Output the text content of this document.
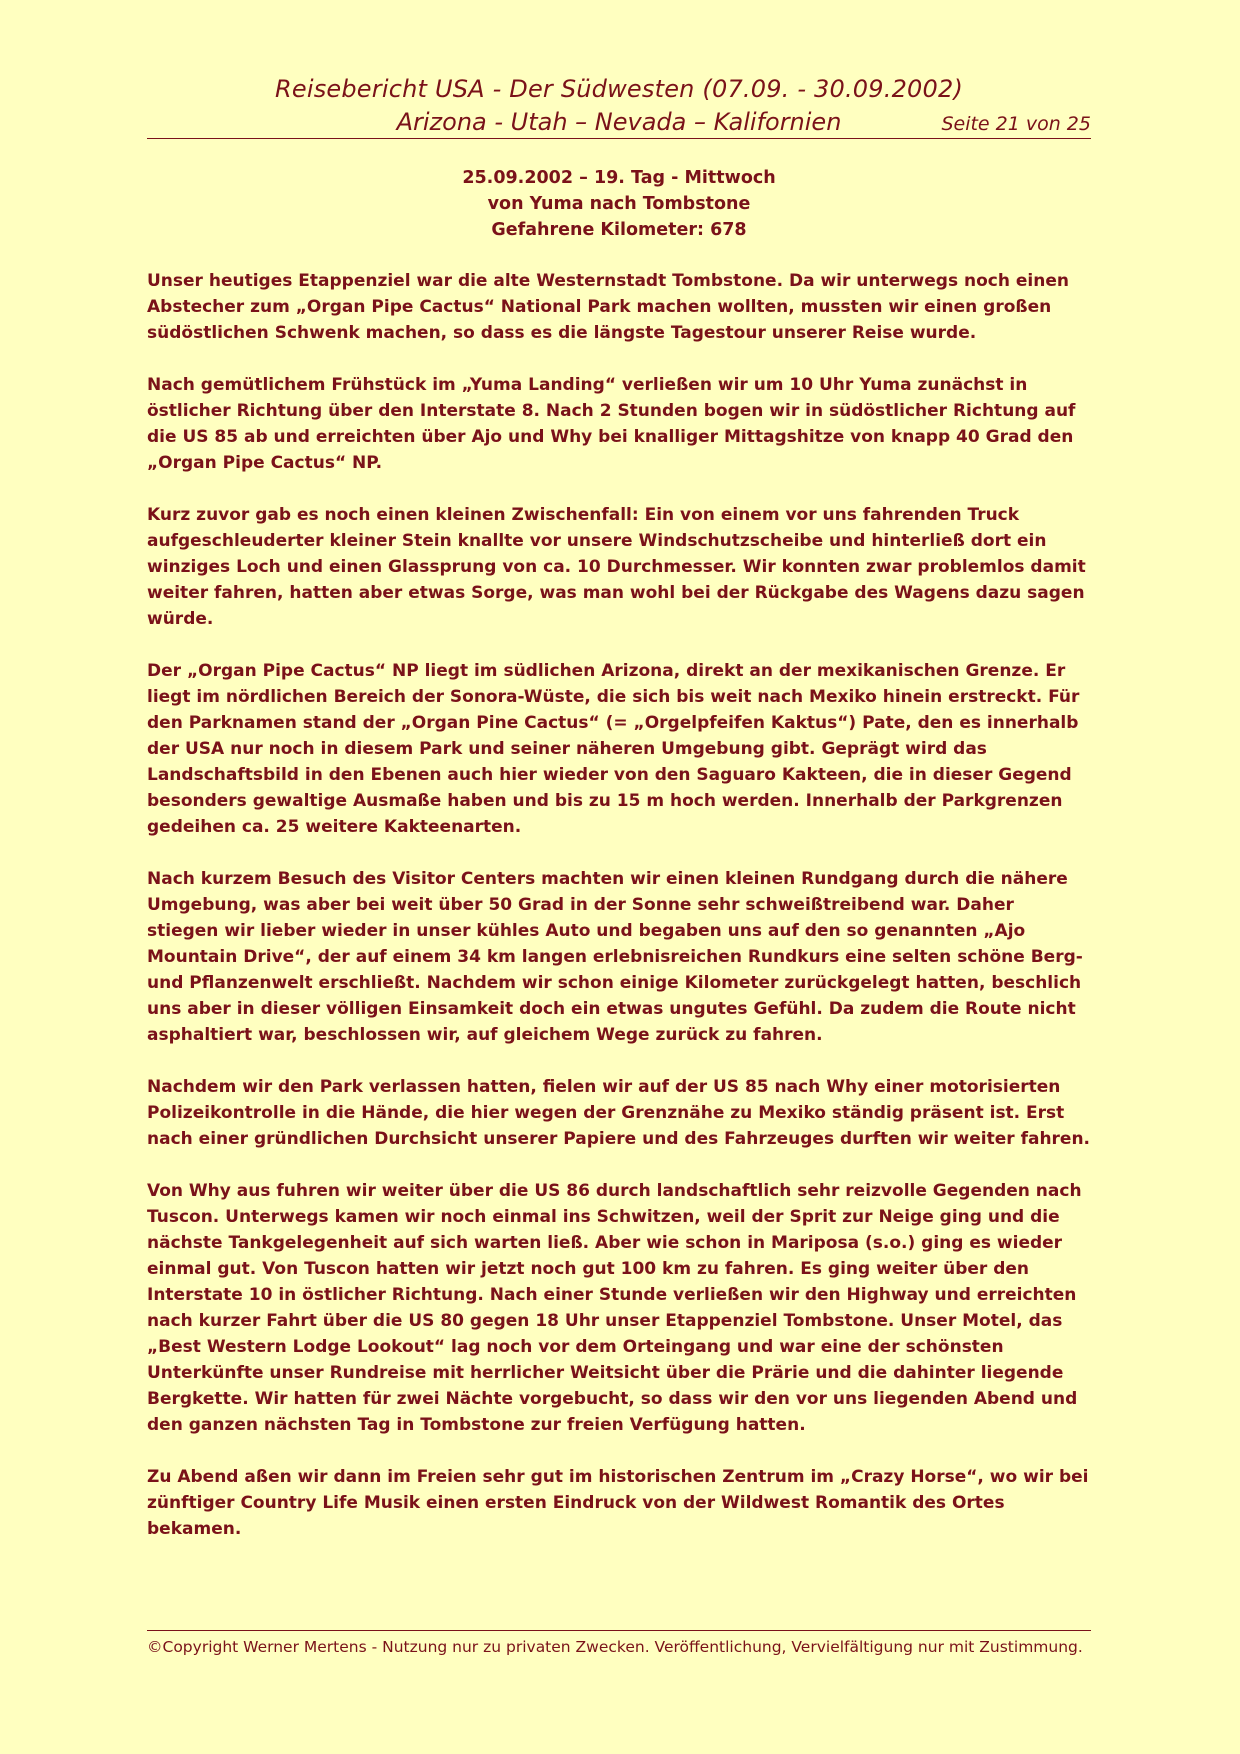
Reisebericht USA - Der Südwesten (07.09. - 30.09.2002)
Arizona - Utah – Nevada – Kalifornien	Seite 21 von 25
25.09.2002 – 19. Tag - Mittwoch
von Yuma nach Tombstone
Gefahrene Kilometer: 678

Unser heutiges Etappenziel war die alte Westernstadt Tombstone. Da wir unterwegs noch einen Abstecher zum „Organ Pipe Cactus“ National Park machen wollten, mussten wir einen großen südöstlichen Schwenk machen, so dass es die längste Tagestour unserer Reise wurde.

Nach gemütlichem Frühstück im „Yuma Landing“ verließen wir um 10 Uhr Yuma zunächst in östlicher Richtung über den Interstate 8. Nach 2 Stunden bogen wir in südöstlicher Richtung auf die US 85 ab und erreichten über Ajo und Why bei knalliger Mittagshitze von knapp 40 Grad den „Organ Pipe Cactus“ NP.

Kurz zuvor gab es noch einen kleinen Zwischenfall: Ein von einem vor uns fahrenden Truck aufgeschleuderter kleiner Stein knallte vor unsere Windschutzscheibe und hinterließ dort ein winziges Loch und einen Glassprung von ca. 10 Durchmesser. Wir konnten zwar problemlos damit weiter fahren, hatten aber etwas Sorge, was man wohl bei der Rückgabe des Wagens dazu sagen würde.

Der „Organ Pipe Cactus“ NP liegt im südlichen Arizona, direkt an der mexikanischen Grenze. Er liegt im nördlichen Bereich der Sonora-Wüste, die sich bis weit nach Mexiko hinein erstreckt. Für den Parknamen stand der „Organ Pine Cactus“ (= „Orgelpfeifen Kaktus“) Pate, den es innerhalb der USA nur noch in diesem Park und seiner näheren Umgebung gibt. Geprägt wird das Landschaftsbild in den Ebenen auch hier wieder von den Saguaro Kakteen, die in dieser Gegend besonders gewaltige Ausmaße haben und bis zu 15 m hoch werden. Innerhalb der Parkgrenzen gedeihen ca. 25 weitere Kakteenarten.

Nach kurzem Besuch des Visitor Centers machten wir einen kleinen Rundgang durch die nähere Umgebung, was aber bei weit über 50 Grad in der Sonne sehr schweißtreibend war. Daher stiegen wir lieber wieder in unser kühles Auto und begaben uns auf den so genannten „Ajo Mountain Drive“, der auf einem 34 km langen erlebnisreichen Rundkurs eine selten schöne Berg- und Pflanzenwelt erschließt. Nachdem wir schon einige Kilometer zurückgelegt hatten, beschlich uns aber in dieser völligen Einsamkeit doch ein etwas ungutes Gefühl. Da zudem die Route nicht asphaltiert war, beschlossen wir, auf gleichem Wege zurück zu fahren.

Nachdem wir den Park verlassen hatten, fielen wir auf der US 85 nach Why einer motorisierten Polizeikontrolle in die Hände, die hier wegen der Grenznähe zu Mexiko ständig präsent ist. Erst nach einer gründlichen Durchsicht unserer Papiere und des Fahrzeuges durften wir weiter fahren.

Von Why aus fuhren wir weiter über die US 86 durch landschaftlich sehr reizvolle Gegenden nach Tuscon. Unterwegs kamen wir noch einmal ins Schwitzen, weil der Sprit zur Neige ging und die nächste Tankgelegenheit auf sich warten ließ. Aber wie schon in Mariposa (s.o.) ging es wieder einmal gut. Von Tuscon hatten wir jetzt noch gut 100 km zu fahren. Es ging weiter über den Interstate 10 in östlicher Richtung. Nach einer Stunde verließen wir den Highway und erreichten nach kurzer Fahrt über die US 80 gegen 18 Uhr unser Etappenziel Tombstone. Unser Motel, das „Best Western Lodge Lookout“ lag noch vor dem Orteingang und war eine der schönsten Unterkünfte unser Rundreise mit herrlicher Weitsicht über die Prärie und die dahinter liegende Bergkette. Wir hatten für zwei Nächte vorgebucht, so dass wir den vor uns liegenden Abend und den ganzen nächsten Tag in Tombstone zur freien Verfügung hatten.

Zu Abend aßen wir dann im Freien sehr gut im historischen Zentrum im „Crazy Horse“, wo wir bei zünftiger Country Life Musik einen ersten Eindruck von der Wildwest Romantik des Ortes bekamen.

©Copyright Werner Mertens - Nutzung nur zu privaten Zwecken. Veröffentlichung, Vervielfältigung nur mit Zustimmung.
